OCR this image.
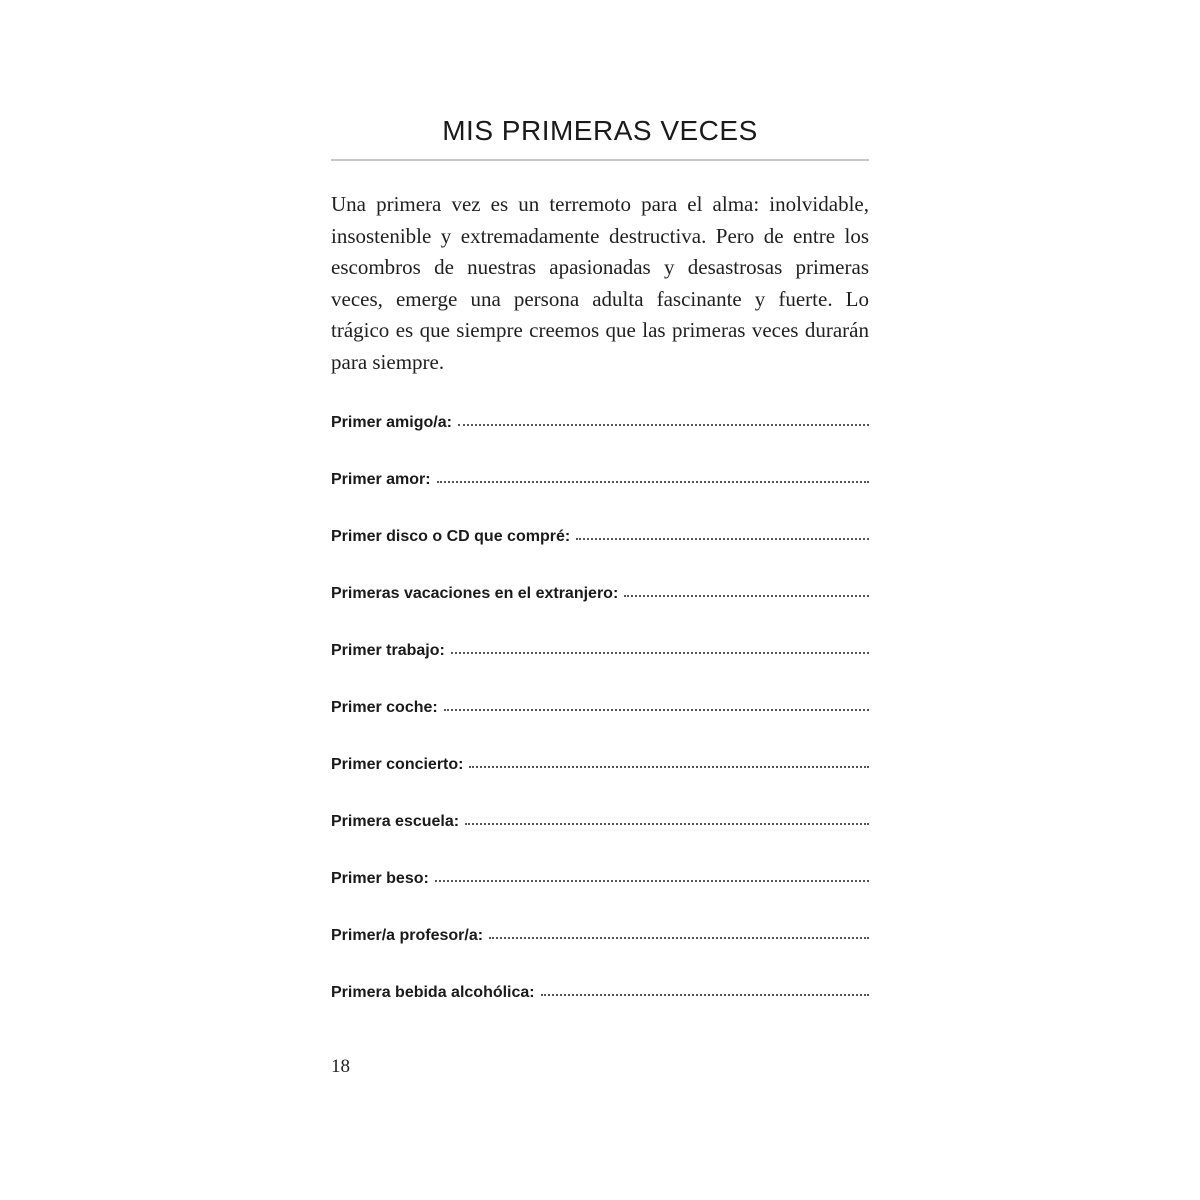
MIS PRIMERAS VECES

Una primera vez es un terremoto para el alma: inolvidable, insostenible y extremadamente destructiva. Pero de entre los escombros de nuestras apasionadas y desastrosas primeras veces, emerge una persona adulta fascinante y fuerte. Lo trágico es que siempre creemos que las primeras veces durarán para siempre.

Primer amigo/a:
Primer amor:
Primer disco o CD que compré:
Primeras vacaciones en el extranjero:
Primer trabajo:
Primer coche:
Primer concierto:
Primera escuela:
Primer beso:
Primer/a profesor/a:
Primera bebida alcohólica:
18
